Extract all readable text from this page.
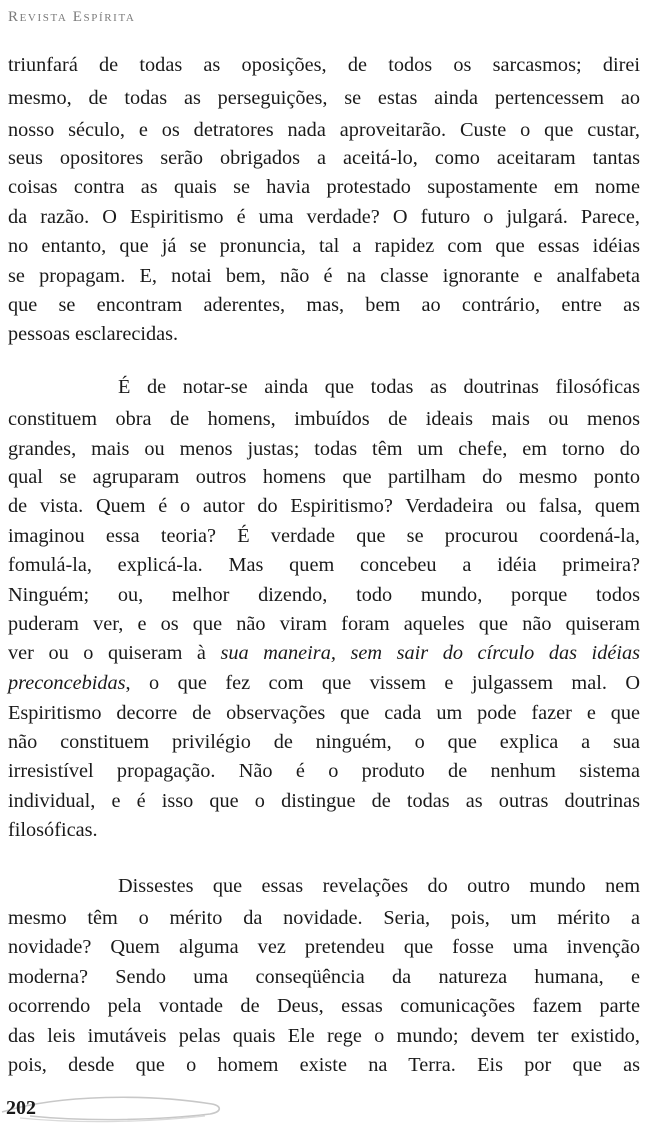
Revista Espírita
triunfará de todas as oposições, de todos os sarcasmos; direi
mesmo, de todas as perseguições, se estas ainda pertencessem ao
nosso século, e os detratores nada aproveitarão. Custe o que custar,
seus opositores serão obrigados a aceitá-lo, como aceitaram tantas
coisas contra as quais se havia protestado supostamente em nome
da razão. O Espiritismo é uma verdade? O futuro o julgará. Parece,
no entanto, que já se pronuncia, tal a rapidez com que essas idéias
se propagam. E, notai bem, não é na classe ignorante e analfabeta
que se encontram aderentes, mas, bem ao contrário, entre as
pessoas esclarecidas.
É de notar-se ainda que todas as doutrinas filosóficas
constituem obra de homens, imbuídos de ideais mais ou menos
grandes, mais ou menos justas; todas têm um chefe, em torno do
qual se agruparam outros homens que partilham do mesmo ponto
de vista. Quem é o autor do Espiritismo? Verdadeira ou falsa, quem
imaginou essa teoria? É verdade que se procurou coordená-la,
fomulá-la, explicá-la. Mas quem concebeu a idéia primeira?
Ninguém; ou, melhor dizendo, todo mundo, porque todos
puderam ver, e os que não viram foram aqueles que não quiseram
ver ou o quiseram à sua maneira, sem sair do círculo das idéias
preconcebidas, o que fez com que vissem e julgassem mal. O
Espiritismo decorre de observações que cada um pode fazer e que
não constituem privilégio de ninguém, o que explica a sua
irresistível propagação. Não é o produto de nenhum sistema
individual, e é isso que o distingue de todas as outras doutrinas
filosóficas.
Dissestes que essas revelações do outro mundo nem
mesmo têm o mérito da novidade. Seria, pois, um mérito a
novidade? Quem alguma vez pretendeu que fosse uma invenção
moderna? Sendo uma conseqüência da natureza humana, e
ocorrendo pela vontade de Deus, essas comunicações fazem parte
das leis imutáveis pelas quais Ele rege o mundo; devem ter existido,
pois, desde que o homem existe na Terra. Eis por que as
202
